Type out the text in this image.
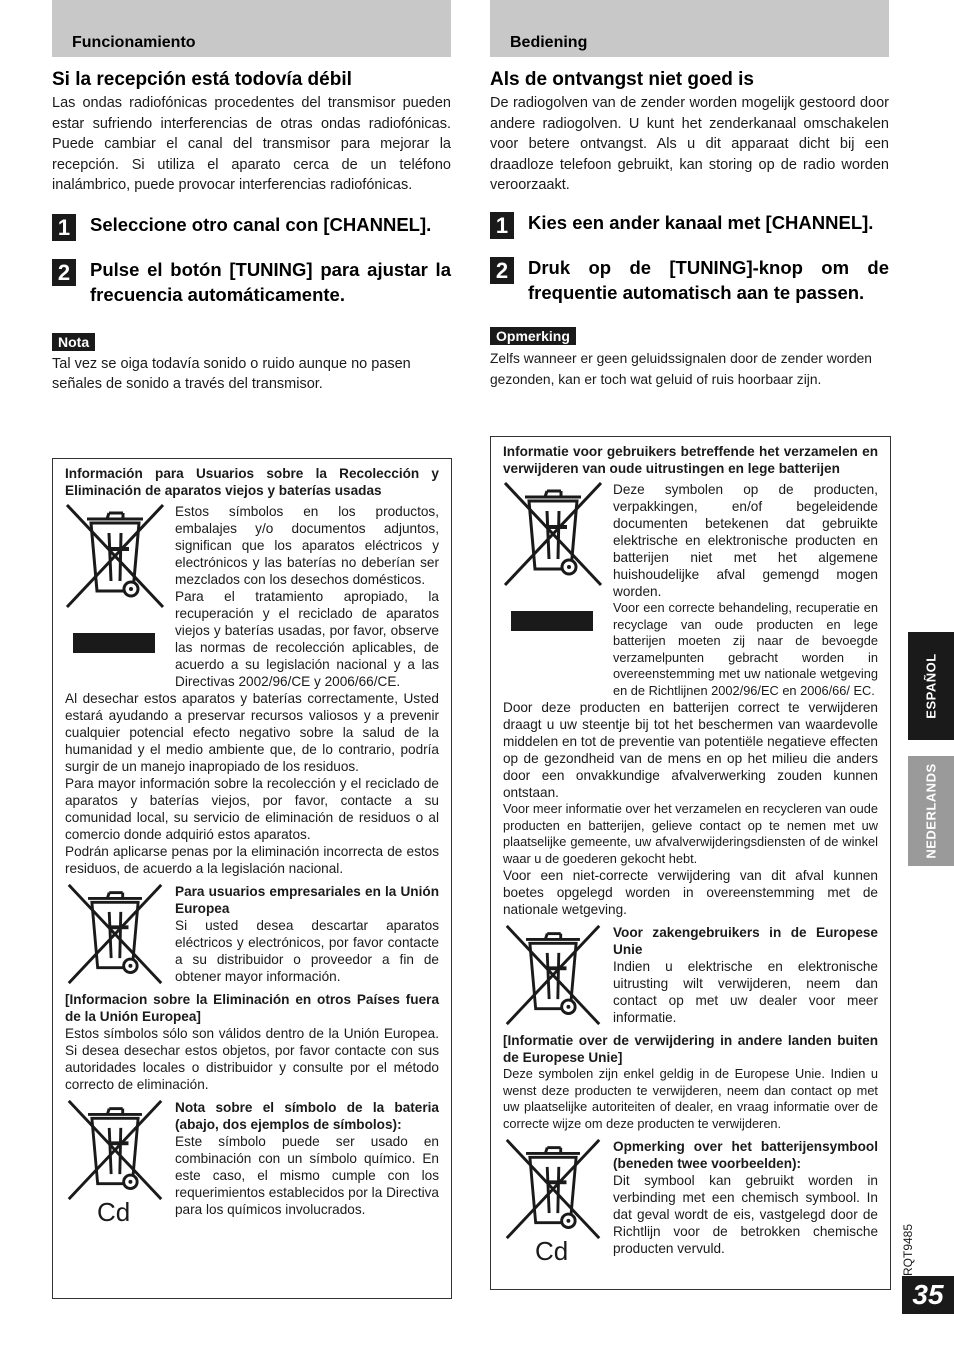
Funcionamiento
Si la recepción está todovía débil

Las ondas radiofónicas procedentes del transmisor pueden estar sufriendo interferencias de otras ondas radiofónicas. Puede cambiar el canal del transmisor para mejorar la recepción. Si utiliza el aparato cerca de un teléfono inalámbrico, puede provocar interferencias radiofónicas.

1	Seleccione otro canal con [CHANNEL].
2	Pulse el botón [TUNING] para ajustar la frecuencia automáticamente.
Nota

Tal vez se oiga todavía sonido o ruido aunque no pasen señales de sonido a través del transmisor.

Información para Usuarios sobre la Recolección y Eliminación de aparatos viejos y baterías usadas

Estos símbolos en los productos, embalajes y/o documentos adjuntos, significan que los aparatos eléctricos y electrónicos y las baterías no deberían ser mezclados con los desechos domésticos.

Para el tratamiento apropiado, la recuperación y el reciclado de aparatos viejos y baterías usadas, por favor, observe las normas de recolección aplicables, de acuerdo a su legislación nacional y a las Directivas 2002/96/CE y 2006/66/CE.

Al desechar estos aparatos y baterías correctamente, Usted estará ayudando a preservar recursos valiosos y a prevenir cualquier potencial efecto negativo sobre la salud de la humanidad y el medio ambiente que, de lo contrario, podría surgir de un manejo inapropiado de los residuos.

Para mayor información sobre la recolección y el reciclado de aparatos y baterías viejos, por favor, contacte a su comunidad local, su servicio de eliminación de residuos o al comercio donde adquirió estos aparatos.

Podrán aplicarse penas por la eliminación incorrecta de estos residuos, de acuerdo a la legislación nacional.

Para usuarios empresariales en la Unión Europea

Si usted desea descartar aparatos eléctricos y electrónicos, por favor contacte a su distribuidor o proveedor a fin de obtener mayor información.

[Informacion sobre la Eliminación en otros Países fuera de la Unión Europea]

Estos símbolos sólo son válidos dentro de la Unión Europea. Si desea desechar estos objetos, por favor contacte con sus autoridades locales o distribuidor y consulte por el método correcto de eliminación.

Cd

Nota sobre el símbolo de la bateria (abajo, dos ejemplos de símbolos):

Este símbolo puede ser usado en combinación con un símbolo químico. En este caso, el mismo cumple con los requerimientos establecidos por la Directiva para los químicos involucrados.

Bediening
Als de ontvangst niet goed is

De radiogolven van de zender worden mogelijk gestoord door andere radiogolven. U kunt het zenderkanaal omschakelen voor betere ontvangst. Als u dit apparaat dicht bij een draadloze telefoon gebruikt, kan storing op de radio worden veroorzaakt.

1	Kies een ander kanaal met [CHANNEL].
2	Druk op de [TUNING]-knop om de frequentie automatisch aan te passen.
Opmerking

Zelfs wanneer er geen geluidssignalen door de zender worden gezonden, kan er toch wat geluid of ruis hoorbaar zijn.

Informatie voor gebruikers betreffende het verzamelen en verwijderen van oude uitrustingen en lege batterijen

Deze symbolen op de producten, verpakkingen, en/of begeleidende documenten betekenen dat gebruikte elektrische en elektronische producten en batterijen niet met het algemene huishoudelijke afval gemengd mogen worden.

Voor een correcte behandeling, recuperatie en recyclage van oude producten en lege batterijen moeten zij naar de bevoegde verzamelpunten gebracht worden in overeenstemming met uw nationale wetgeving en de Richtlijnen 2002/96/EC en 2006/66/ EC.

Door deze producten en batterijen correct te verwijderen draagt u uw steentje bij tot het beschermen van waardevolle middelen en tot de preventie van potentiële negatieve effecten op de gezondheid van de mens en op het milieu die anders door een onvakkundige afvalverwerking zouden kunnen ontstaan.

Voor meer informatie over het verzamelen en recycleren van oude producten en batterijen, gelieve contact op te nemen met uw plaatselijke gemeente, uw afvalverwijderingsdiensten of de winkel waar u de goederen gekocht hebt.

Voor een niet-correcte verwijdering van dit afval kunnen boetes opgelegd worden in overeenstemming met de nationale wetgeving.

Voor zakengebruikers in de Europese Unie

Indien u elektrische en elektronische uitrusting wilt verwijderen, neem dan contact op met uw dealer voor meer informatie.

[Informatie over de verwijdering in andere landen buiten de Europese Unie]

Deze symbolen zijn enkel geldig in de Europese Unie. Indien u wenst deze producten te verwijderen, neem dan contact op met uw plaatselijke autoriteiten of dealer, en vraag informatie over de correcte wijze om deze producten te verwijderen.

Cd

Opmerking over het batterijensymbool (beneden twee voorbeelden):

Dit symbool kan gebruikt worden in verbinding met een chemisch symbool. In dat geval wordt de eis, vastgelegd door de Richtlijn voor de betrokken chemische producten vervuld.

ESPAÑOL
NEDERLANDS
RQT9485
35
